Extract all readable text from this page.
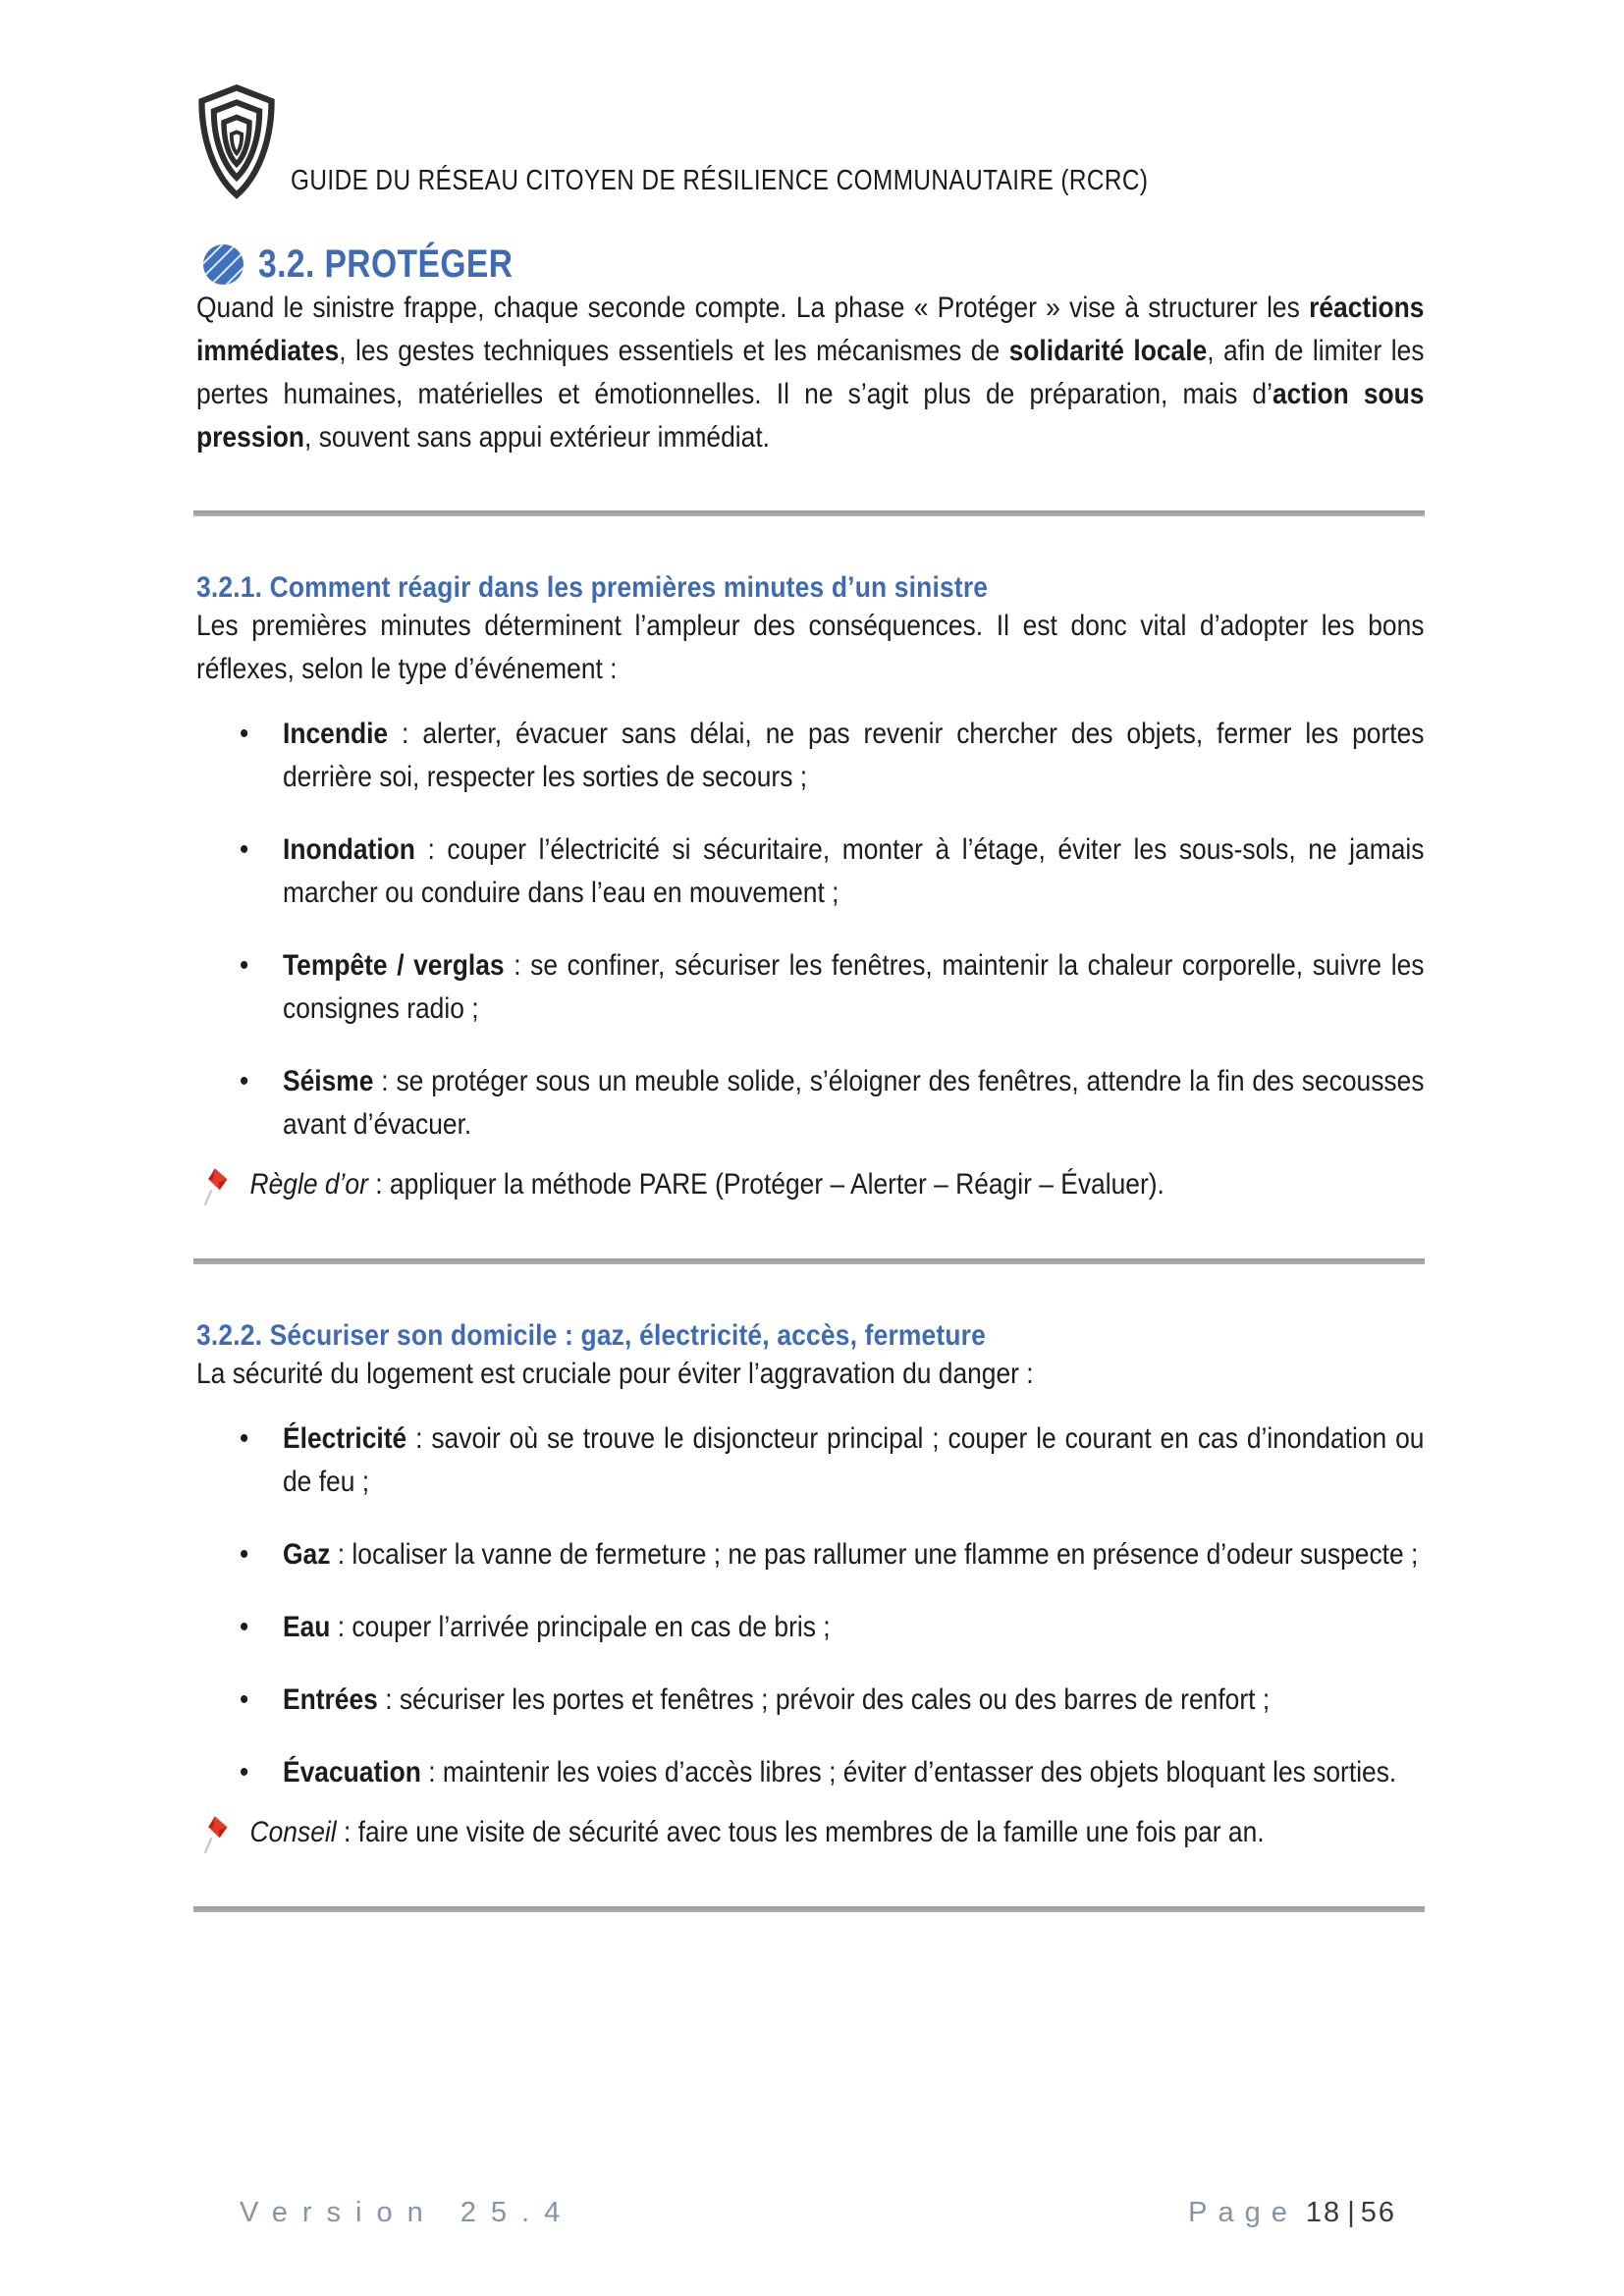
GUIDE DU RÉSEAU CITOYEN DE RÉSILIENCE COMMUNAUTAIRE (RCRC)
3.2. PROTÉGER

Quand le sinistre frappe, chaque seconde compte. La phase « Protéger » vise à structurer les réactions immédiates, les gestes techniques essentiels et les mécanismes de solidarité locale, afin de limiter les pertes humaines, matérielles et émotionnelles. Il ne s’agit plus de préparation, mais d’action sous pression, souvent sans appui extérieur immédiat.

3.2.1. Comment réagir dans les premières minutes d’un sinistre

Les premières minutes déterminent l’ampleur des conséquences. Il est donc vital d’adopter les bons réflexes, selon le type d’événement :

• Incendie : alerter, évacuer sans délai, ne pas revenir chercher des objets, fermer les portes derrière soi, respecter les sorties de secours ;
• Inondation : couper l’électricité si sécuritaire, monter à l’étage, éviter les sous-sols, ne jamais marcher ou conduire dans l’eau en mouvement ;
• Tempête / verglas : se confiner, sécuriser les fenêtres, maintenir la chaleur corporelle, suivre les consignes radio ;
• Séisme : se protéger sous un meuble solide, s’éloigner des fenêtres, attendre la fin des secousses avant d’évacuer.
Règle d’or : appliquer la méthode PARE (Protéger – Alerter – Réagir – Évaluer).
3.2.2. Sécuriser son domicile : gaz, électricité, accès, fermeture

La sécurité du logement est cruciale pour éviter l’aggravation du danger :

• Électricité : savoir où se trouve le disjoncteur principal ; couper le courant en cas d’inondation ou de feu ;
• Gaz : localiser la vanne de fermeture ; ne pas rallumer une flamme en présence d’odeur suspecte ;
• Eau : couper l’arrivée principale en cas de bris ;
• Entrées : sécuriser les portes et fenêtres ; prévoir des cales ou des barres de renfort ;
• Évacuation : maintenir les voies d’accès libres ; éviter d’entasser des objets bloquant les sorties.
Conseil : faire une visite de sécurité avec tous les membres de la famille une fois par an.
Version 25.4	Page 18 | 56
